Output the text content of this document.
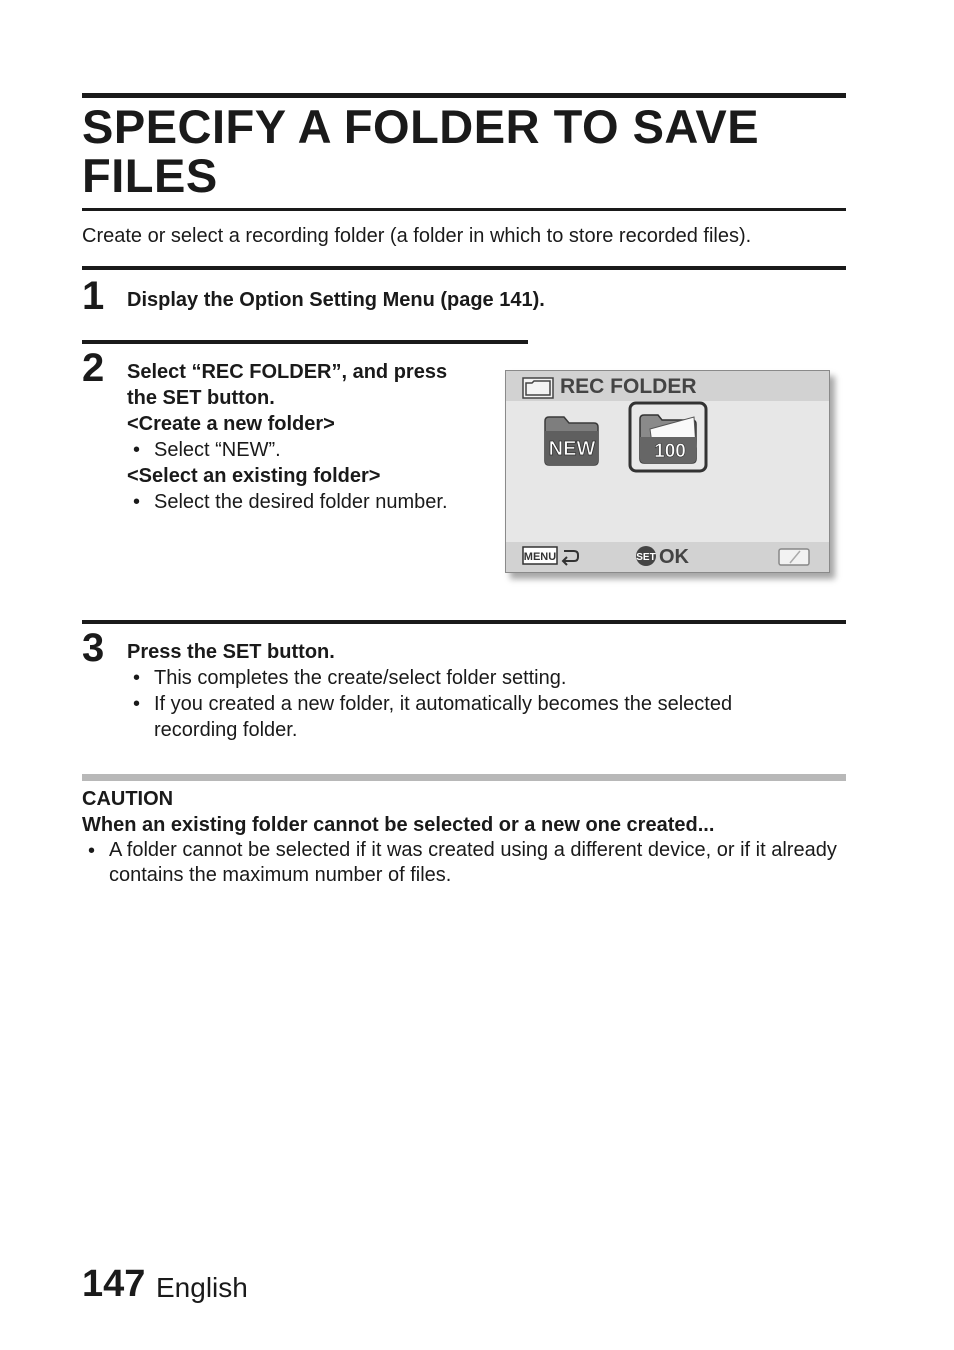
SPECIFY A FOLDER TO SAVE FILES
Create or select a recording folder (a folder in which to store recorded files).
1 Display the Option Setting Menu (page 141).
2 Select “REC FOLDER”, and press
the SET button.
<Create a new folder>
• Select “NEW”.
<Select an existing folder>
• Select the desired folder number.
REC FOLDER
NEW	100
MENU	SET OK
3 Press the SET button.
• This completes the create/select folder setting.
• If you created a new folder, it automatically becomes the selected
recording folder.
CAUTION
When an existing folder cannot be selected or a new one created...
• A folder cannot be selected if it was created using a different device, or if it already contains the maximum number of files.
147 English
